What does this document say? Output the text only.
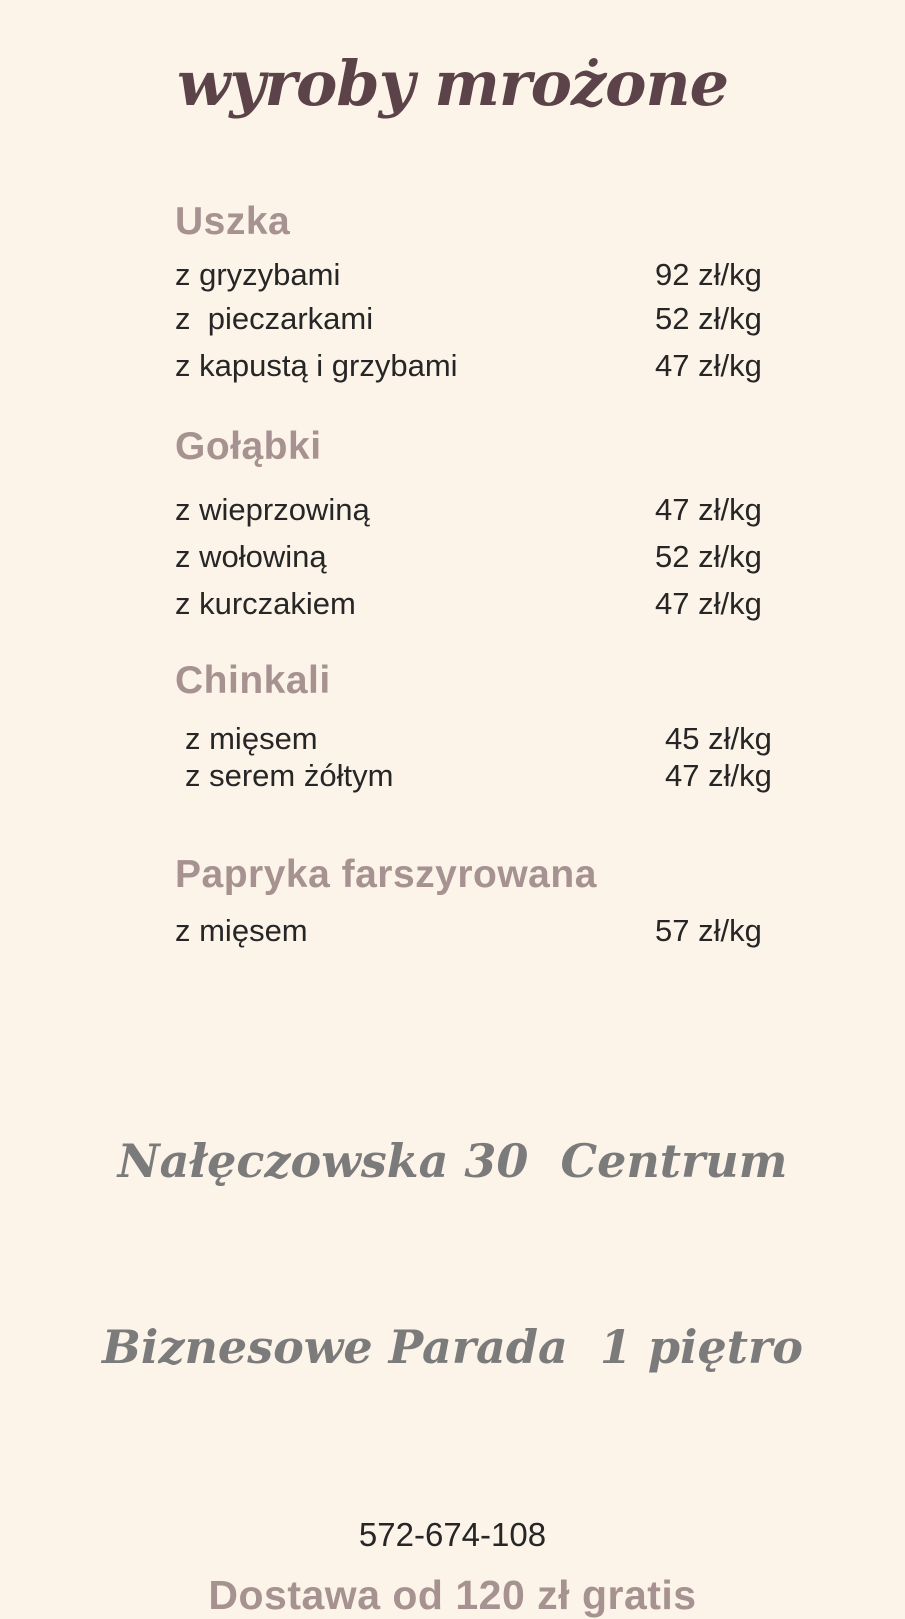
wyroby mrożone
Uszka
z gryzybami	92 zł/kg
z  pieczarkami	52 zł/kg
z kapustą i grzybami	47 zł/kg
Gołąbki
z wieprzowiną	47 zł/kg
z wołowiną	52 zł/kg
z kurczakiem	47 zł/kg
Chinkali
z mięsem	45 zł/kg
z serem żółtym	47 zł/kg
Papryka farszyrowana
z mięsem	57 zł/kg

Nałęczowska 30  Centrum

Biznesowe Parada  1 piętro

572-674-108
Dostawa od 120 zł gratis
